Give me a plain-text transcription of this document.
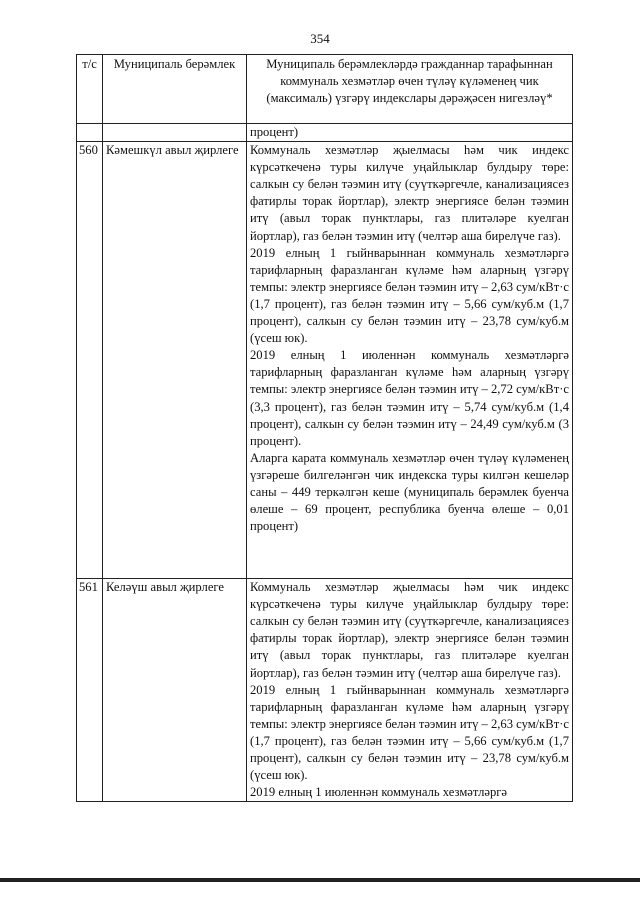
354
т/с	Муниципаль берәмлек	Муниципаль берәмлекләрдә гражданнар тарафыннан коммуналь хезмәтләр өчен түләү күләменең чик (максималь) үзгәрү индекслары дәрәҗәсен нигезләү*
		процент)
560	Кәмешкүл авыл җирлеге	Коммуналь хезмәтләр җыелмасы һәм чик индекс күрсәткеченә туры килүче уңайлыклар булдыру төре: салкын су белән тәэмин итү (суүткәргечле, канализациясез фатирлы торак йортлар), электр энергиясе белән тәэмин итү (авыл торак пунктлары, газ плитәләре куелган йортлар), газ белән тәэмин итү (челтәр аша бирелүче газ).

2019 елның 1 гыйнварыннан коммуналь хезмәтләргә тарифларның фаразланган күләме һәм аларның үзгәрү темпы: электр энергиясе белән тәэмин итү – 2,63 сум/кВт·с (1,7 процент), газ белән тәэмин итү – 5,66 сум/куб.м (1,7 процент), салкын су белән тәэмин итү – 23,78 сум/куб.м (үсеш юк).

2019 елның 1 июленнән коммуналь хезмәтләргә тарифларның фаразланган күләме һәм аларның үзгәрү темпы: электр энергиясе белән тәэмин итү – 2,72 сум/кВт·с (3,3 процент), газ белән тәэмин итү – 5,74 сум/куб.м (1,4 процент), салкын су белән тәэмин итү – 24,49 сум/куб.м (3 процент).

Аларга карата коммуналь хезмәтләр өчен түләү күләменең үзгәреше билгеләнгән чик индекска туры килгән кешеләр саны – 449 теркәлгән кеше (муниципаль берәмлек буенча өлеше – 69 процент, республика буенча өлеше – 0,01 процент)

561	Келәүш авыл җирлеге	Коммуналь хезмәтләр җыелмасы һәм чик индекс күрсәткеченә туры килүче уңайлыклар булдыру төре: салкын су белән тәэмин итү (суүткәргечле, канализациясез фатирлы торак йортлар), электр энергиясе белән тәэмин итү (авыл торак пунктлары, газ плитәләре куелган йортлар), газ белән тәэмин итү (челтәр аша бирелүче газ).

2019 елның 1 гыйнварыннан коммуналь хезмәтләргә тарифларның фаразланган күләме һәм аларның үзгәрү темпы: электр энергиясе белән тәэмин итү – 2,63 сум/кВт·с (1,7 процент), газ белән тәэмин итү – 5,66 сум/куб.м (1,7 процент), салкын су белән тәэмин итү – 23,78 сум/куб.м (үсеш юк).

2019 елның 1 июленнән коммуналь хезмәтләргә
